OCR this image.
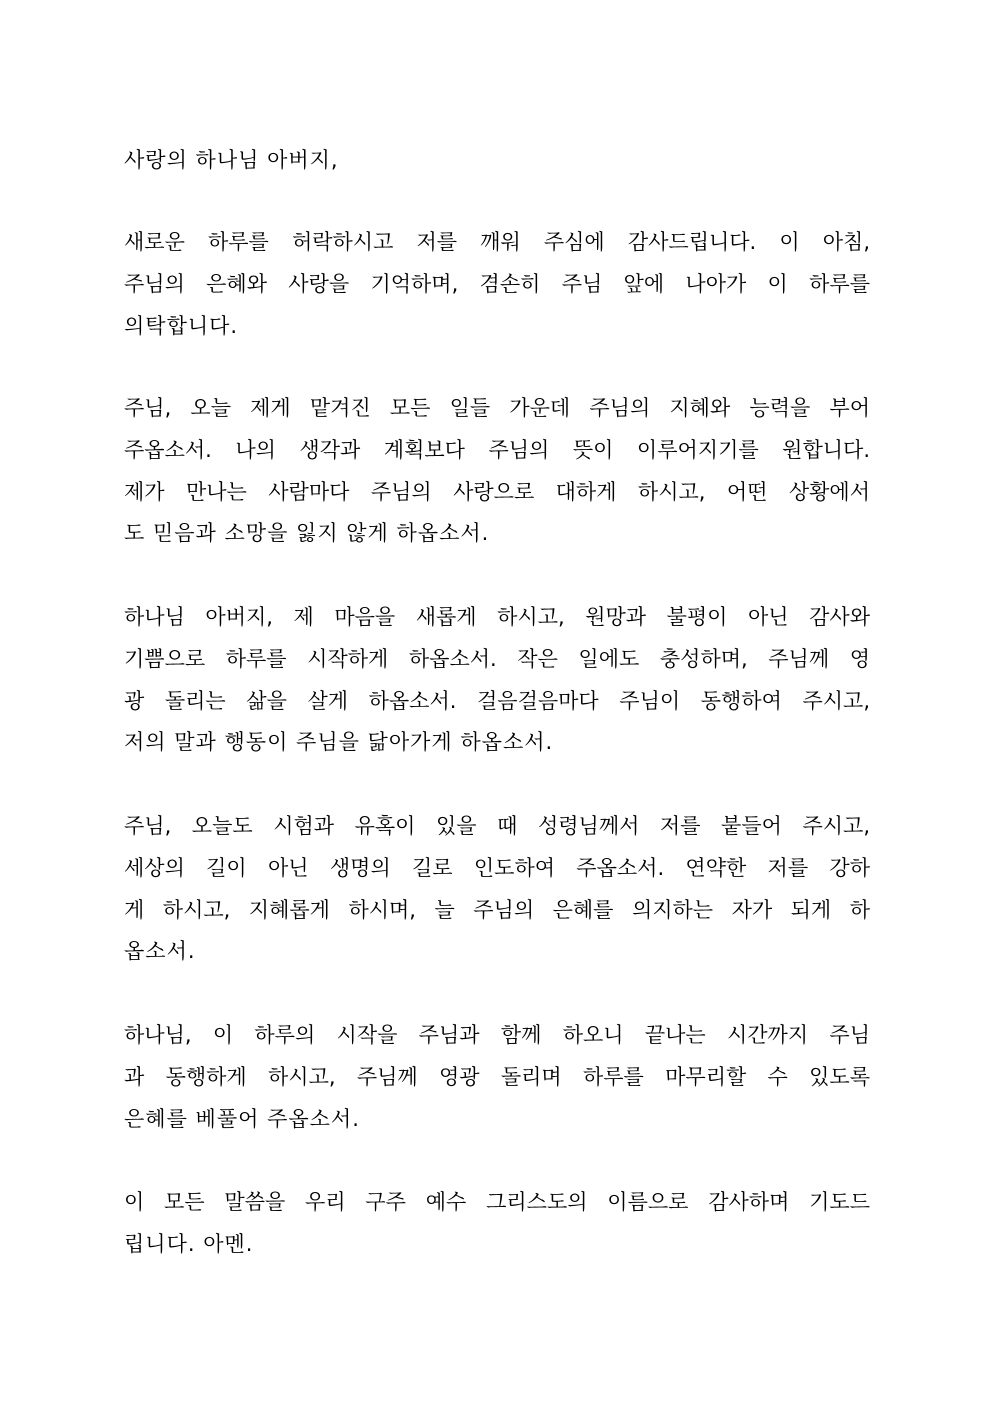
사랑의 하나님 아버지,
새로운 하루를 허락하시고 저를 깨워 주심에 감사드립니다. 이 아침,
주님의 은혜와 사랑을 기억하며, 겸손히 주님 앞에 나아가 이 하루를
의탁합니다.
주님, 오늘 제게 맡겨진 모든 일들 가운데 주님의 지혜와 능력을 부어
주옵소서. 나의 생각과 계획보다 주님의 뜻이 이루어지기를 원합니다.
제가 만나는 사람마다 주님의 사랑으로 대하게 하시고, 어떤 상황에서
도 믿음과 소망을 잃지 않게 하옵소서.
하나님 아버지, 제 마음을 새롭게 하시고, 원망과 불평이 아닌 감사와
기쁨으로 하루를 시작하게 하옵소서. 작은 일에도 충성하며, 주님께 영
광 돌리는 삶을 살게 하옵소서. 걸음걸음마다 주님이 동행하여 주시고,
저의 말과 행동이 주님을 닮아가게 하옵소서.
주님, 오늘도 시험과 유혹이 있을 때 성령님께서 저를 붙들어 주시고,
세상의 길이 아닌 생명의 길로 인도하여 주옵소서. 연약한 저를 강하
게 하시고, 지혜롭게 하시며, 늘 주님의 은혜를 의지하는 자가 되게 하
옵소서.
하나님, 이 하루의 시작을 주님과 함께 하오니 끝나는 시간까지 주님
과 동행하게 하시고, 주님께 영광 돌리며 하루를 마무리할 수 있도록
은혜를 베풀어 주옵소서.
이 모든 말씀을 우리 구주 예수 그리스도의 이름으로 감사하며 기도드
립니다. 아멘.
